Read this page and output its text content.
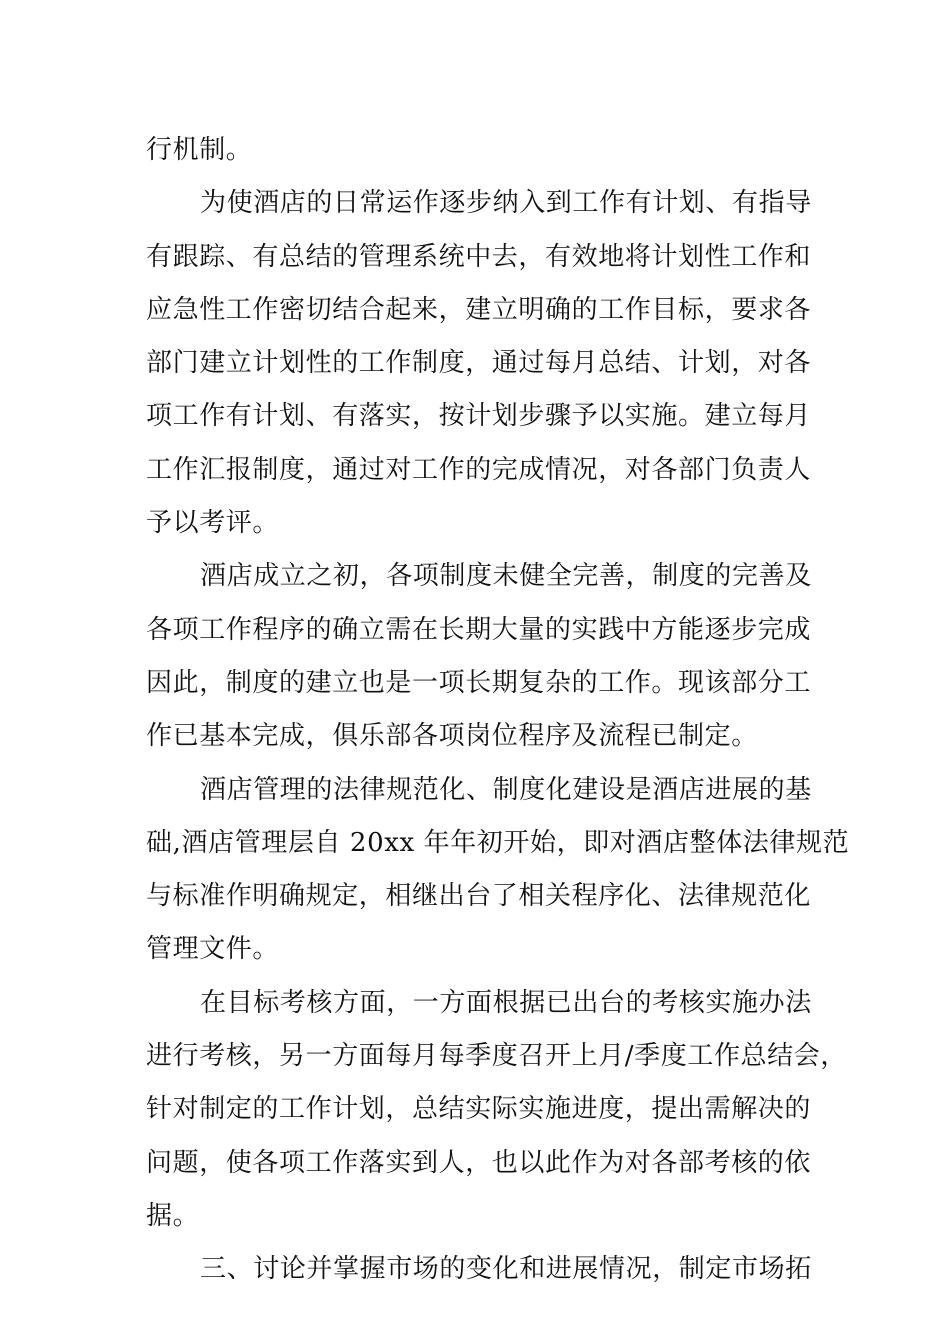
行机制。
为使酒店的日常运作逐步纳入到工作有计划、有指导
有跟踪、有总结的管理系统中去，有效地将计划性工作和
应急性工作密切结合起来，建立明确的工作目标，要求各
部门建立计划性的工作制度，通过每月总结、计划，对各
项工作有计划、有落实，按计划步骤予以实施。建立每月
工作汇报制度，通过对工作的完成情况，对各部门负责人
予以考评。
酒店成立之初，各项制度未健全完善，制度的完善及
各项工作程序的确立需在长期大量的实践中方能逐步完成
因此，制度的建立也是一项长期复杂的工作。现该部分工
作已基本完成，俱乐部各项岗位程序及流程已制定。
酒店管理的法律规范化、制度化建设是酒店进展的基
础,酒店管理层自 20xx 年年初开始，即对酒店整体法律规范
与标准作明确规定，相继出台了相关程序化、法律规范化
管理文件。
在目标考核方面，一方面根据已出台的考核实施办法
进行考核，另一方面每月每季度召开上月/季度工作总结会，
针对制定的工作计划，总结实际实施进度，提出需解决的
问题，使各项工作落实到人，也以此作为对各部考核的依
据。
三、讨论并掌握市场的变化和进展情况，制定市场拓
